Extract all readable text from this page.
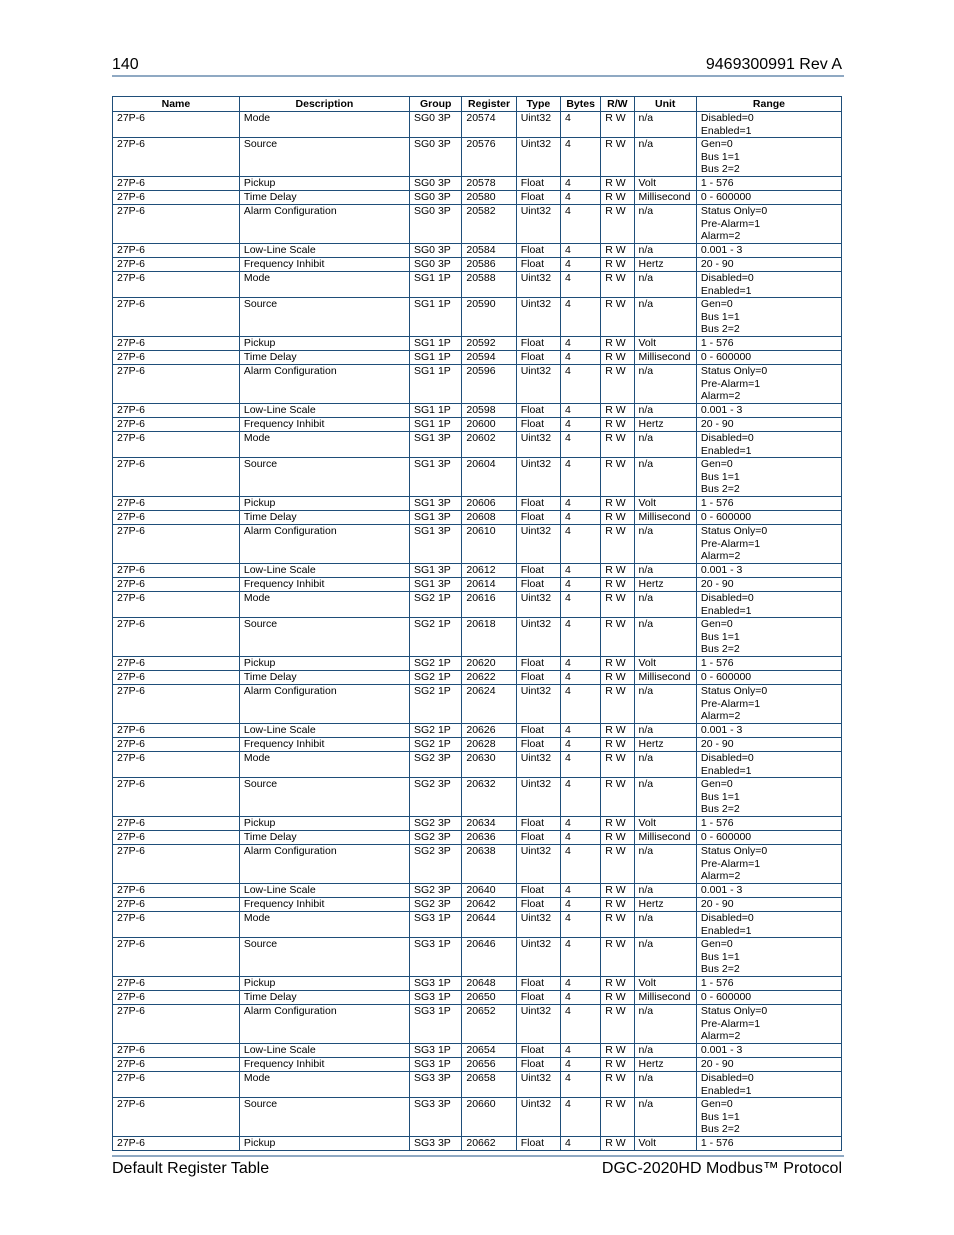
140	9469300991 Rev A
Name	Description	Group	Register	Type	Bytes	R/W	Unit	Range
27P-6	Mode	SG0 3P	20574	Uint32	4	R W	n/a	Disabled=0
Enabled=1
27P-6	Source	SG0 3P	20576	Uint32	4	R W	n/a	Gen=0
Bus 1=1
Bus 2=2
27P-6	Pickup	SG0 3P	20578	Float	4	R W	Volt	1 - 576
27P-6	Time Delay	SG0 3P	20580	Float	4	R W	Millisecond	0 - 600000
27P-6	Alarm Configuration	SG0 3P	20582	Uint32	4	R W	n/a	Status Only=0
Pre-Alarm=1
Alarm=2
27P-6	Low-Line Scale	SG0 3P	20584	Float	4	R W	n/a	0.001 - 3
27P-6	Frequency Inhibit	SG0 3P	20586	Float	4	R W	Hertz	20 - 90
27P-6	Mode	SG1 1P	20588	Uint32	4	R W	n/a	Disabled=0
Enabled=1
27P-6	Source	SG1 1P	20590	Uint32	4	R W	n/a	Gen=0
Bus 1=1
Bus 2=2
27P-6	Pickup	SG1 1P	20592	Float	4	R W	Volt	1 - 576
27P-6	Time Delay	SG1 1P	20594	Float	4	R W	Millisecond	0 - 600000
27P-6	Alarm Configuration	SG1 1P	20596	Uint32	4	R W	n/a	Status Only=0
Pre-Alarm=1
Alarm=2
27P-6	Low-Line Scale	SG1 1P	20598	Float	4	R W	n/a	0.001 - 3
27P-6	Frequency Inhibit	SG1 1P	20600	Float	4	R W	Hertz	20 - 90
27P-6	Mode	SG1 3P	20602	Uint32	4	R W	n/a	Disabled=0
Enabled=1
27P-6	Source	SG1 3P	20604	Uint32	4	R W	n/a	Gen=0
Bus 1=1
Bus 2=2
27P-6	Pickup	SG1 3P	20606	Float	4	R W	Volt	1 - 576
27P-6	Time Delay	SG1 3P	20608	Float	4	R W	Millisecond	0 - 600000
27P-6	Alarm Configuration	SG1 3P	20610	Uint32	4	R W	n/a	Status Only=0
Pre-Alarm=1
Alarm=2
27P-6	Low-Line Scale	SG1 3P	20612	Float	4	R W	n/a	0.001 - 3
27P-6	Frequency Inhibit	SG1 3P	20614	Float	4	R W	Hertz	20 - 90
27P-6	Mode	SG2 1P	20616	Uint32	4	R W	n/a	Disabled=0
Enabled=1
27P-6	Source	SG2 1P	20618	Uint32	4	R W	n/a	Gen=0
Bus 1=1
Bus 2=2
27P-6	Pickup	SG2 1P	20620	Float	4	R W	Volt	1 - 576
27P-6	Time Delay	SG2 1P	20622	Float	4	R W	Millisecond	0 - 600000
27P-6	Alarm Configuration	SG2 1P	20624	Uint32	4	R W	n/a	Status Only=0
Pre-Alarm=1
Alarm=2
27P-6	Low-Line Scale	SG2 1P	20626	Float	4	R W	n/a	0.001 - 3
27P-6	Frequency Inhibit	SG2 1P	20628	Float	4	R W	Hertz	20 - 90
27P-6	Mode	SG2 3P	20630	Uint32	4	R W	n/a	Disabled=0
Enabled=1
27P-6	Source	SG2 3P	20632	Uint32	4	R W	n/a	Gen=0
Bus 1=1
Bus 2=2
27P-6	Pickup	SG2 3P	20634	Float	4	R W	Volt	1 - 576
27P-6	Time Delay	SG2 3P	20636	Float	4	R W	Millisecond	0 - 600000
27P-6	Alarm Configuration	SG2 3P	20638	Uint32	4	R W	n/a	Status Only=0
Pre-Alarm=1
Alarm=2
27P-6	Low-Line Scale	SG2 3P	20640	Float	4	R W	n/a	0.001 - 3
27P-6	Frequency Inhibit	SG2 3P	20642	Float	4	R W	Hertz	20 - 90
27P-6	Mode	SG3 1P	20644	Uint32	4	R W	n/a	Disabled=0
Enabled=1
27P-6	Source	SG3 1P	20646	Uint32	4	R W	n/a	Gen=0
Bus 1=1
Bus 2=2
27P-6	Pickup	SG3 1P	20648	Float	4	R W	Volt	1 - 576
27P-6	Time Delay	SG3 1P	20650	Float	4	R W	Millisecond	0 - 600000
27P-6	Alarm Configuration	SG3 1P	20652	Uint32	4	R W	n/a	Status Only=0
Pre-Alarm=1
Alarm=2
27P-6	Low-Line Scale	SG3 1P	20654	Float	4	R W	n/a	0.001 - 3
27P-6	Frequency Inhibit	SG3 1P	20656	Float	4	R W	Hertz	20 - 90
27P-6	Mode	SG3 3P	20658	Uint32	4	R W	n/a	Disabled=0
Enabled=1
27P-6	Source	SG3 3P	20660	Uint32	4	R W	n/a	Gen=0
Bus 1=1
Bus 2=2
27P-6	Pickup	SG3 3P	20662	Float	4	R W	Volt	1 - 576
Default Register Table	DGC-2020HD Modbus™ Protocol
